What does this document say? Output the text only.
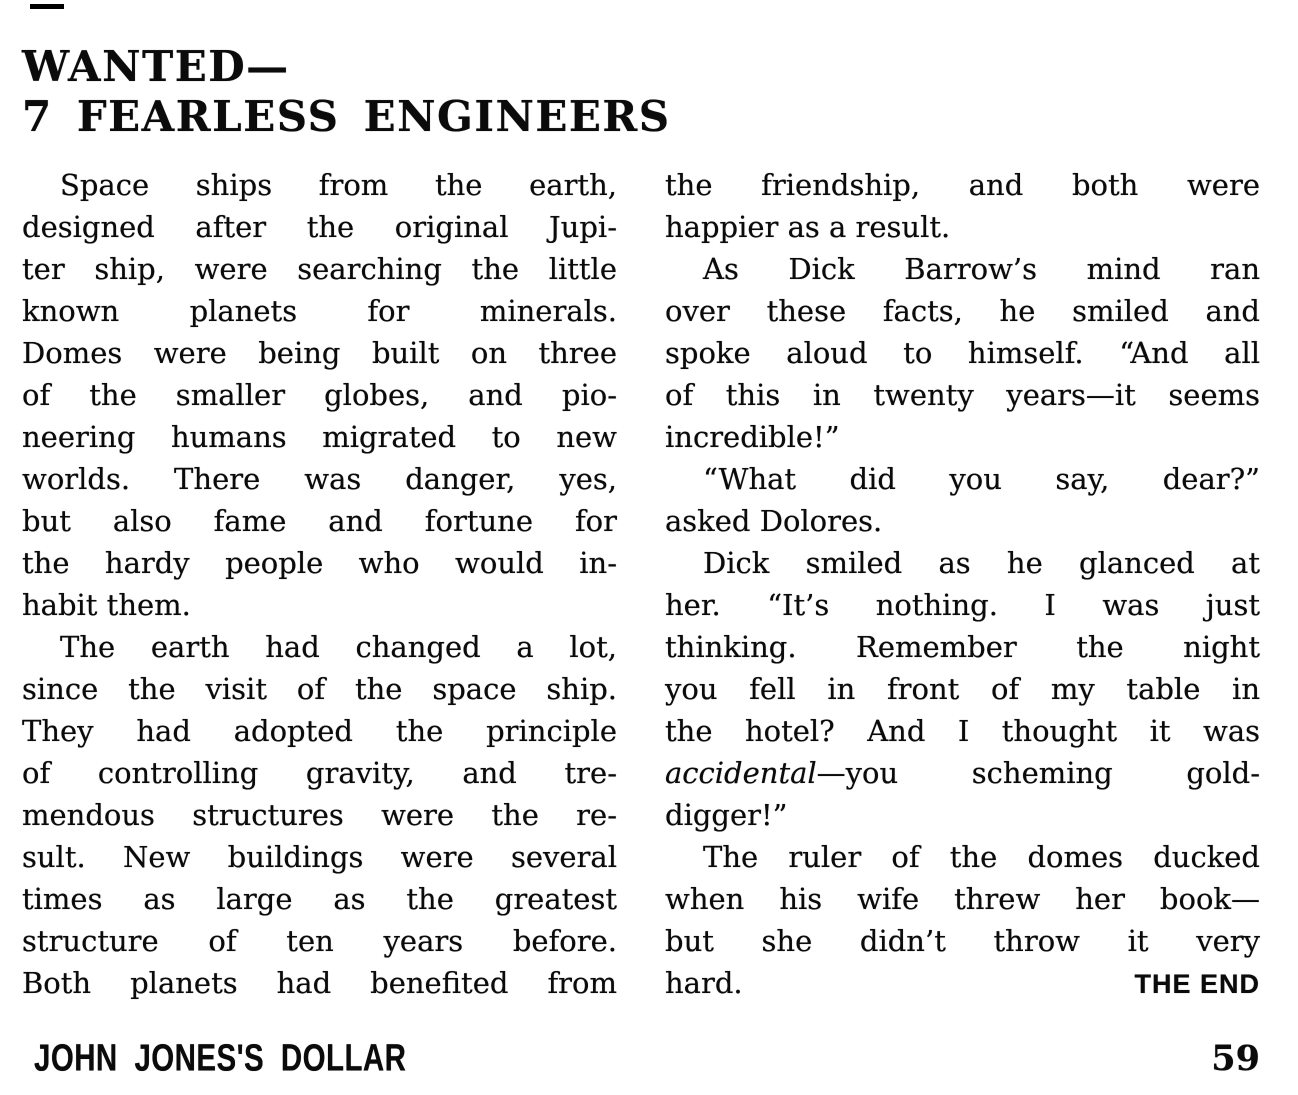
WANTED—
7 FEARLESS ENGINEERS
Space ships from the earth,
designed after the original Jupi-
ter ship, were searching the little
known planets for minerals.
Domes were being built on three
of the smaller globes, and pio-
neering humans migrated to new
worlds. There was danger, yes,
but also fame and fortune for
the hardy people who would in-
habit them.
The earth had changed a lot,
since the visit of the space ship.
They had adopted the principle
of controlling gravity, and tre-
mendous structures were the re-
sult. New buildings were several
times as large as the greatest
structure of ten years before.
Both planets had benefited from
the friendship, and both were
happier as a result.
As Dick Barrow’s mind ran
over these facts, he smiled and
spoke aloud to himself. “And all
of this in twenty years—it seems
incredible!”
“What did you say, dear?”
asked Dolores.
Dick smiled as he glanced at
her. “It’s nothing. I was just
thinking. Remember the night
you fell in front of my table in
the hotel? And I thought it was
accidental—you scheming gold-
digger!”
The ruler of the domes ducked
when his wife threw her book—
but she didn’t throw it very
hard.	THE END
JOHN JONES'S DOLLAR	59
